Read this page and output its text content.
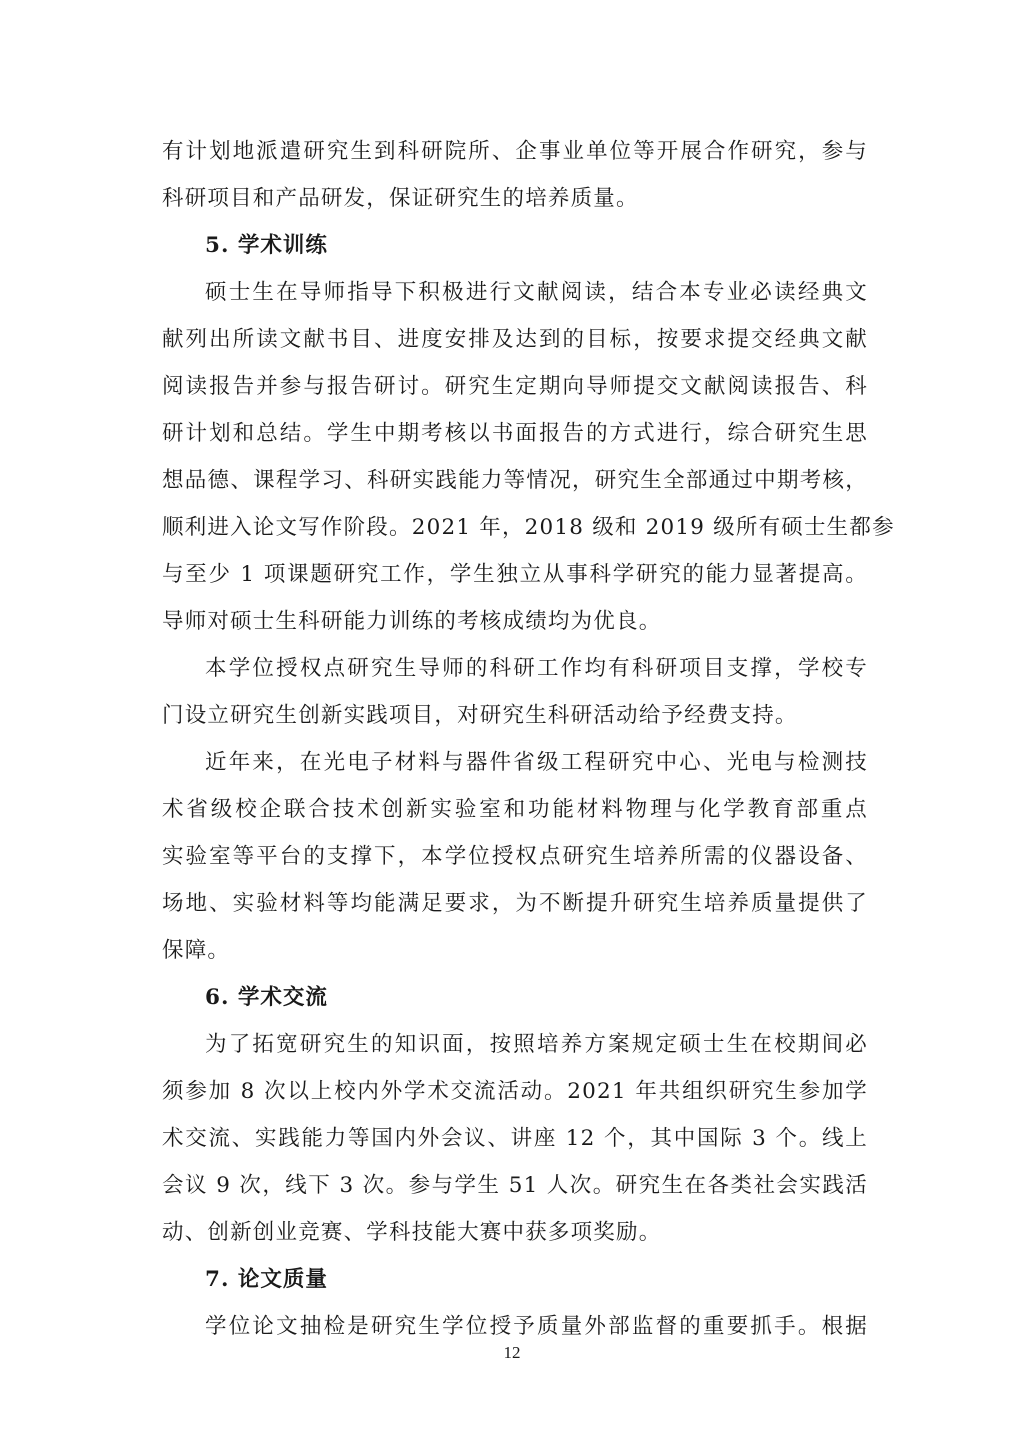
有计划地派遣研究生到科研院所、企事业单位等开展合作研究，参与
科研项目和产品研发，保证研究生的培养质量。
5. 学术训练
硕士生在导师指导下积极进行文献阅读，结合本专业必读经典文
献列出所读文献书目、进度安排及达到的目标，按要求提交经典文献
阅读报告并参与报告研讨。研究生定期向导师提交文献阅读报告、科
研计划和总结。学生中期考核以书面报告的方式进行，综合研究生思
想品德、课程学习、科研实践能力等情况，研究生全部通过中期考核，
顺利进入论文写作阶段。2021 年，2018 级和 2019 级所有硕士生都参
与至少 1 项课题研究工作，学生独立从事科学研究的能力显著提高。
导师对硕士生科研能力训练的考核成绩均为优良。
本学位授权点研究生导师的科研工作均有科研项目支撑，学校专
门设立研究生创新实践项目，对研究生科研活动给予经费支持。
近年来，在光电子材料与器件省级工程研究中心、光电与检测技
术省级校企联合技术创新实验室和功能材料物理与化学教育部重点
实验室等平台的支撑下，本学位授权点研究生培养所需的仪器设备、
场地、实验材料等均能满足要求，为不断提升研究生培养质量提供了
保障。
6. 学术交流
为了拓宽研究生的知识面，按照培养方案规定硕士生在校期间必
须参加 8 次以上校内外学术交流活动。2021 年共组织研究生参加学
术交流、实践能力等国内外会议、讲座 12 个，其中国际 3 个。线上
会议 9 次，线下 3 次。参与学生 51 人次。研究生在各类社会实践活
动、创新创业竞赛、学科技能大赛中获多项奖励。
7. 论文质量
学位论文抽检是研究生学位授予质量外部监督的重要抓手。根据
12
